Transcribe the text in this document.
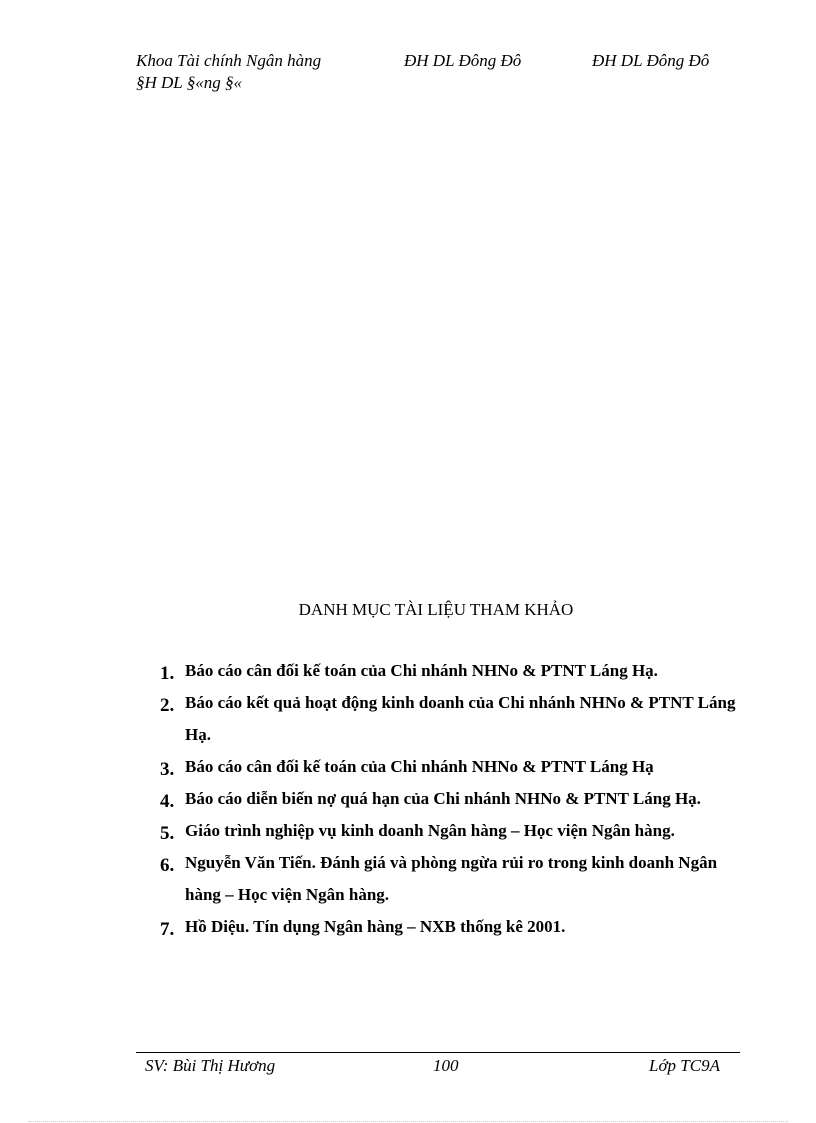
Khoa Tài chính Ngân hàng	ĐH DL Đông Đô	ĐH DL Đông Đô
§H DL §«ng §«
DANH MỤC TÀI LIỆU THAM KHẢO
1. Báo cáo cân đối kế toán của Chi nhánh NHNo & PTNT Láng Hạ.
2. Báo cáo kết quả hoạt động kinh doanh của Chi nhánh NHNo & PTNT Láng Hạ.
3. Báo cáo cân đối kế toán của Chi nhánh NHNo & PTNT Láng Hạ
4. Báo cáo diễn biến nợ quá hạn của Chi nhánh NHNo & PTNT Láng Hạ.
5. Giáo trình nghiệp vụ kinh doanh Ngân hàng – Học viện Ngân hàng.
6. Nguyễn Văn Tiến. Đánh giá và phòng ngừa rủi ro trong kinh doanh Ngân hàng – Học viện Ngân hàng.
7. Hồ Diệu. Tín dụng Ngân hàng – NXB thống kê 2001.
SV: Bùi Thị Hương	100	Lớp TC9A
